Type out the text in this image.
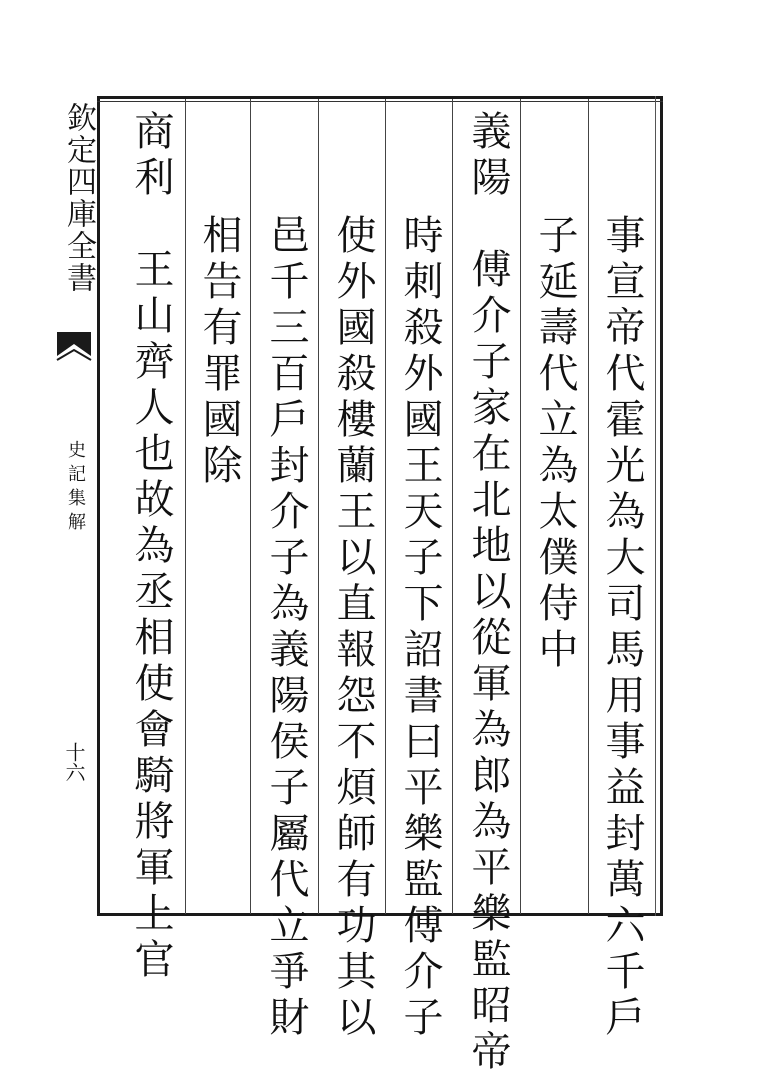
欽定四庫全書
史記集解
十六	事宣帝代霍光為大司馬用事益封萬六千戶
子延壽代立為太僕侍中
義陽　傅介子家在北地以從軍為郎為平樂監昭帝
時刺殺外國王天子下詔書曰平樂監傅介子
使外國殺樓蘭王以直報怨不煩師有功其以
邑千三百戶封介子為義陽侯子屬代立爭財
相告有罪國除
商利　王山齊人也故為丞相使會騎將軍上官
